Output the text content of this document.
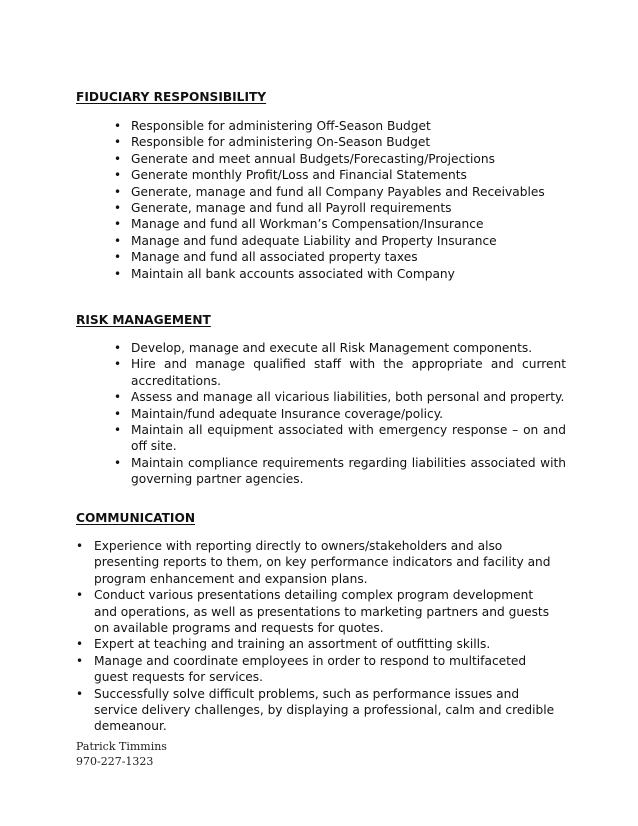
FIDUCIARY RESPONSIBILITY
• Responsible for administering Off-Season Budget
• Responsible for administering On-Season Budget
• Generate and meet annual Budgets/Forecasting/Projections
• Generate monthly Profit/Loss and Financial Statements
• Generate, manage and fund all Company Payables and Receivables
• Generate, manage and fund all Payroll requirements
• Manage and fund all Workman’s Compensation/Insurance
• Manage and fund adequate Liability and Property Insurance
• Manage and fund all associated property taxes
• Maintain all bank accounts associated with Company
RISK MANAGEMENT
• Develop, manage and execute all Risk Management components.
• Hire and manage qualified staff with the appropriate and current accreditations.
• Assess and manage all vicarious liabilities, both personal and property.
• Maintain/fund adequate Insurance coverage/policy.
• Maintain all equipment associated with emergency response – on and off site.
• Maintain compliance requirements regarding liabilities associated with governing partner agencies.
COMMUNICATION
• Experience with reporting directly to owners/stakeholders and also presenting reports to them, on key performance indicators and facility and program enhancement and expansion plans.
• Conduct various presentations detailing complex program development and operations, as well as presentations to marketing partners and guests on available programs and requests for quotes.
• Expert at teaching and training an assortment of outfitting skills.
• Manage and coordinate employees in order to respond to multifaceted guest requests for services.
• Successfully solve difficult problems, such as performance issues and service delivery challenges, by displaying a professional, calm and credible demeanour.
Patrick Timmins
970-227-1323
